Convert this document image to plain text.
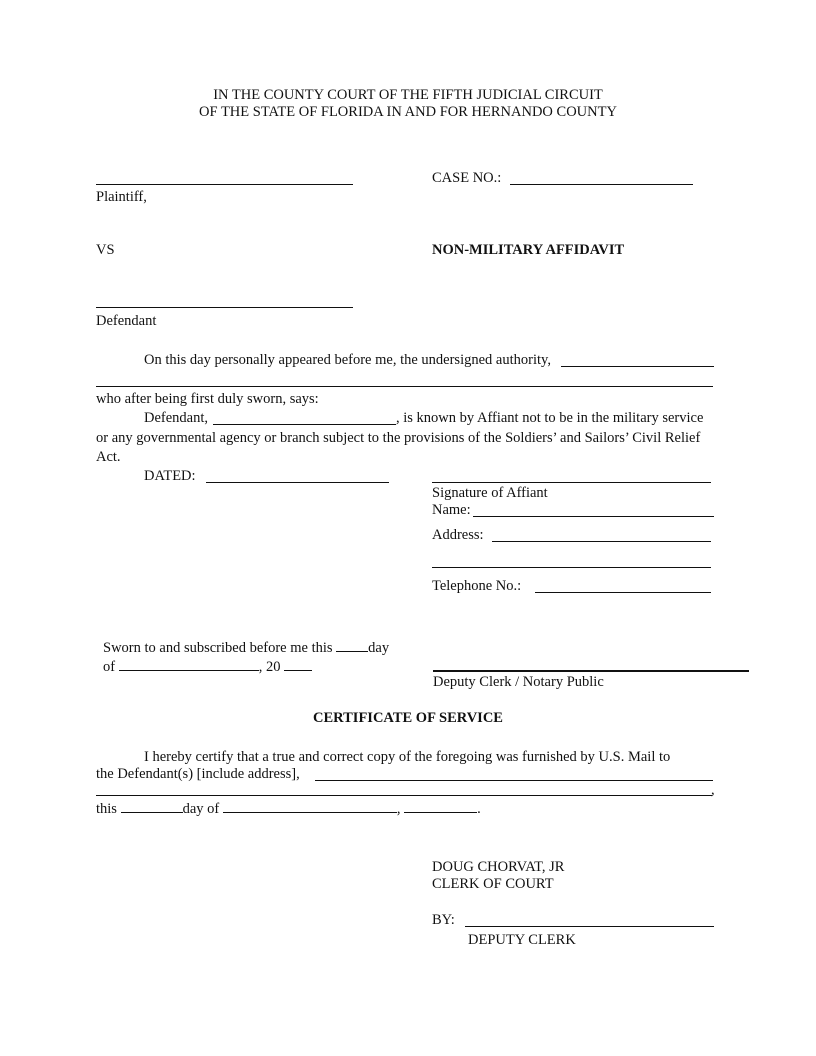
IN THE COUNTY COURT OF THE FIFTH JUDICIAL CIRCUIT
OF THE STATE OF FLORIDA IN AND FOR HERNANDO COUNTY
Plaintiff,
CASE NO.:
VS	NON-MILITARY AFFIDAVIT
Defendant
On this day personally appeared before me, the undersigned authority,
who after being first duly sworn, says:
Defendant,	, is known by Affiant not to be in the military service
or any governmental agency or branch subject to the provisions of the Soldiers’ and Sailors’ Civil Relief
Act.
DATED:
Signature of Affiant
Name:
Address:
Telephone No.:
Sworn to and subscribed before me this day
of	, 20
Deputy Clerk / Notary Public
CERTIFICATE OF SERVICE
I hereby certify that a true and correct copy of the foregoing was furnished by U.S. Mail to
the Defendant(s) [include address],
,
this	day of	,	.
DOUG CHORVAT, JR
CLERK OF COURT
BY:
DEPUTY CLERK
